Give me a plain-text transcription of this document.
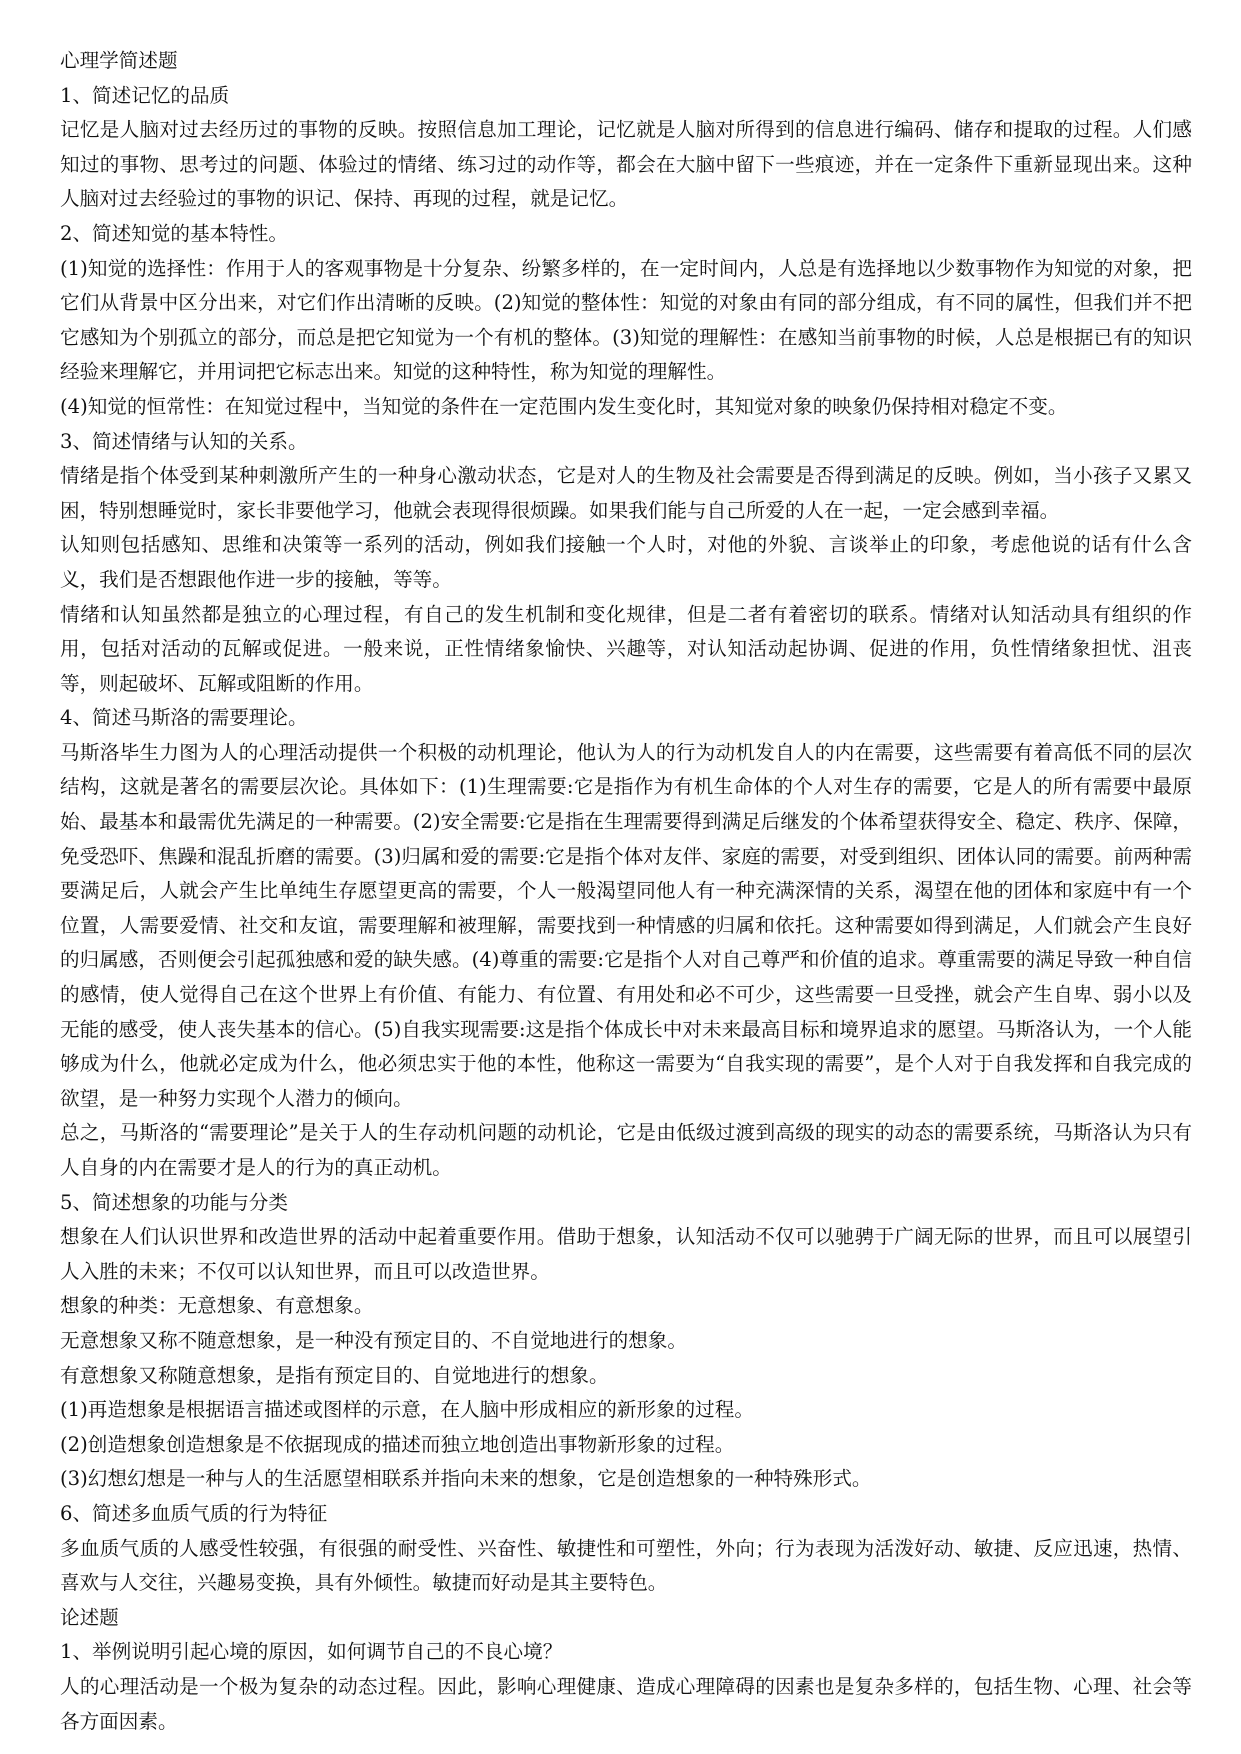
心理学简述题

1、简述记忆的品质

记忆是人脑对过去经历过的事物的反映。按照信息加工理论，记忆就是人脑对所得到的信息进行编码、储存和提取的过程。人们感知过的事物、思考过的问题、体验过的情绪、练习过的动作等，都会在大脑中留下一些痕迹，并在一定条件下重新显现出来。这种人脑对过去经验过的事物的识记、保持、再现的过程，就是记忆。

2、简述知觉的基本特性。

(1)知觉的选择性：作用于人的客观事物是十分复杂、纷繁多样的，在一定时间内，人总是有选择地以少数事物作为知觉的对象，把它们从背景中区分出来，对它们作出清晰的反映。(2)知觉的整体性：知觉的对象由有同的部分组成，有不同的属性，但我们并不把它感知为个别孤立的部分，而总是把它知觉为一个有机的整体。(3)知觉的理解性：在感知当前事物的时候，人总是根据已有的知识经验来理解它，并用词把它标志出来。知觉的这种特性，称为知觉的理解性。

(4)知觉的恒常性：在知觉过程中，当知觉的条件在一定范围内发生变化时，其知觉对象的映象仍保持相对稳定不变。

3、简述情绪与认知的关系。

情绪是指个体受到某种刺激所产生的一种身心激动状态，它是对人的生物及社会需要是否得到满足的反映。例如，当小孩子又累又困，特别想睡觉时，家长非要他学习，他就会表现得很烦躁。如果我们能与自己所爱的人在一起，一定会感到幸福。

认知则包括感知、思维和决策等一系列的活动，例如我们接触一个人时，对他的外貌、言谈举止的印象，考虑他说的话有什么含义，我们是否想跟他作进一步的接触，等等。

情绪和认知虽然都是独立的心理过程，有自己的发生机制和变化规律，但是二者有着密切的联系。情绪对认知活动具有组织的作用，包括对活动的瓦解或促进。一般来说，正性情绪象愉快、兴趣等，对认知活动起协调、促进的作用，负性情绪象担忧、沮丧等，则起破坏、瓦解或阻断的作用。

4、简述马斯洛的需要理论。

马斯洛毕生力图为人的心理活动提供一个积极的动机理论，他认为人的行为动机发自人的内在需要，这些需要有着高低不同的层次结构，这就是著名的需要层次论。具体如下：(1)生理需要:它是指作为有机生命体的个人对生存的需要，它是人的所有需要中最原始、最基本和最需优先满足的一种需要。(2)安全需要:它是指在生理需要得到满足后继发的个体希望获得安全、稳定、秩序、保障，免受恐吓、焦躁和混乱折磨的需要。(3)归属和爱的需要:它是指个体对友伴、家庭的需要，对受到组织、团体认同的需要。前两种需要满足后，人就会产生比单纯生存愿望更高的需要，个人一般渴望同他人有一种充满深情的关系，渴望在他的团体和家庭中有一个位置，人需要爱情、社交和友谊，需要理解和被理解，需要找到一种情感的归属和依托。这种需要如得到满足，人们就会产生良好的归属感，否则便会引起孤独感和爱的缺失感。(4)尊重的需要:它是指个人对自己尊严和价值的追求。尊重需要的满足导致一种自信的感情，使人觉得自己在这个世界上有价值、有能力、有位置、有用处和必不可少，这些需要一旦受挫，就会产生自卑、弱小以及无能的感受，使人丧失基本的信心。(5)自我实现需要:这是指个体成长中对未来最高目标和境界追求的愿望。马斯洛认为，一个人能够成为什么，他就必定成为什么，他必须忠实于他的本性，他称这一需要为“自我实现的需要”，是个人对于自我发挥和自我完成的欲望，是一种努力实现个人潜力的倾向。

总之，马斯洛的“需要理论”是关于人的生存动机问题的动机论，它是由低级过渡到高级的现实的动态的需要系统，马斯洛认为只有人自身的内在需要才是人的行为的真正动机。

5、简述想象的功能与分类

想象在人们认识世界和改造世界的活动中起着重要作用。借助于想象，认知活动不仅可以驰骋于广阔无际的世界，而且可以展望引人入胜的未来；不仅可以认知世界，而且可以改造世界。

想象的种类：无意想象、有意想象。

无意想象又称不随意想象，是一种没有预定目的、不自觉地进行的想象。

有意想象又称随意想象，是指有预定目的、自觉地进行的想象。

(1)再造想象是根据语言描述或图样的示意，在人脑中形成相应的新形象的过程。

(2)创造想象创造想象是不依据现成的描述而独立地创造出事物新形象的过程。

(3)幻想幻想是一种与人的生活愿望相联系并指向未来的想象，它是创造想象的一种特殊形式。

6、简述多血质气质的行为特征

多血质气质的人感受性较强，有很强的耐受性、兴奋性、敏捷性和可塑性，外向；行为表现为活泼好动、敏捷、反应迅速，热情、喜欢与人交往，兴趣易变换，具有外倾性。敏捷而好动是其主要特色。

论述题

1、举例说明引起心境的原因，如何调节自己的不良心境？

人的心理活动是一个极为复杂的动态过程。因此，影响心理健康、造成心理障碍的因素也是复杂多样的，包括生物、心理、社会等各方面因素。
